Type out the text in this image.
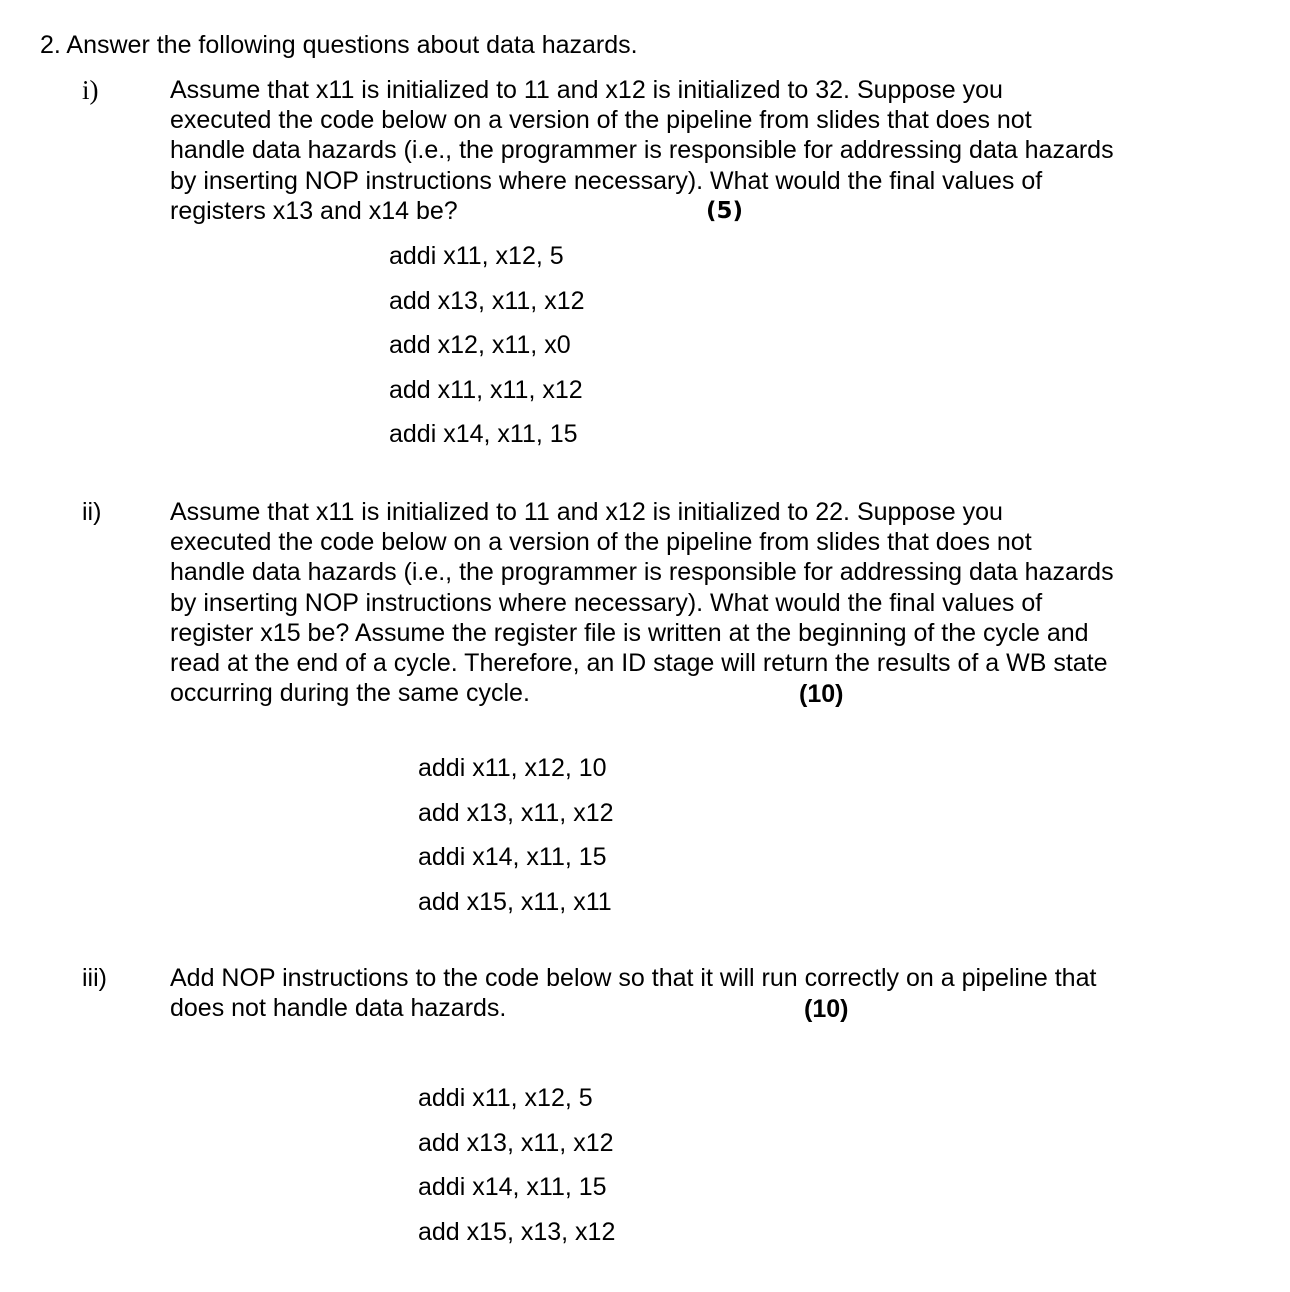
2. Answer the following questions about data hazards.
i)	Assume that x11 is initialized to 11 and x12 is initialized to 32. Suppose you
executed the code below on a version of the pipeline from slides that does not
handle data hazards (i.e., the programmer is responsible for addressing data hazards
by inserting NOP instructions where necessary). What would the final values of
registers x13 and x14 be?	(5)
addi x11, x12, 5
add x13, x11, x12
add x12, x11, x0
add x11, x11, x12
addi x14, x11, 15
ii)	Assume that x11 is initialized to 11 and x12 is initialized to 22. Suppose you
executed the code below on a version of the pipeline from slides that does not
handle data hazards (i.e., the programmer is responsible for addressing data hazards
by inserting NOP instructions where necessary). What would the final values of
register x15 be? Assume the register file is written at the beginning of the cycle and
read at the end of a cycle. Therefore, an ID stage will return the results of a WB state
occurring during the same cycle.	(10)
addi x11, x12, 10
add x13, x11, x12
addi x14, x11, 15
add x15, x11, x11
iii)	Add NOP instructions to the code below so that it will run correctly on a pipeline that
does not handle data hazards.	(10)
addi x11, x12, 5
add x13, x11, x12
addi x14, x11, 15
add x15, x13, x12
